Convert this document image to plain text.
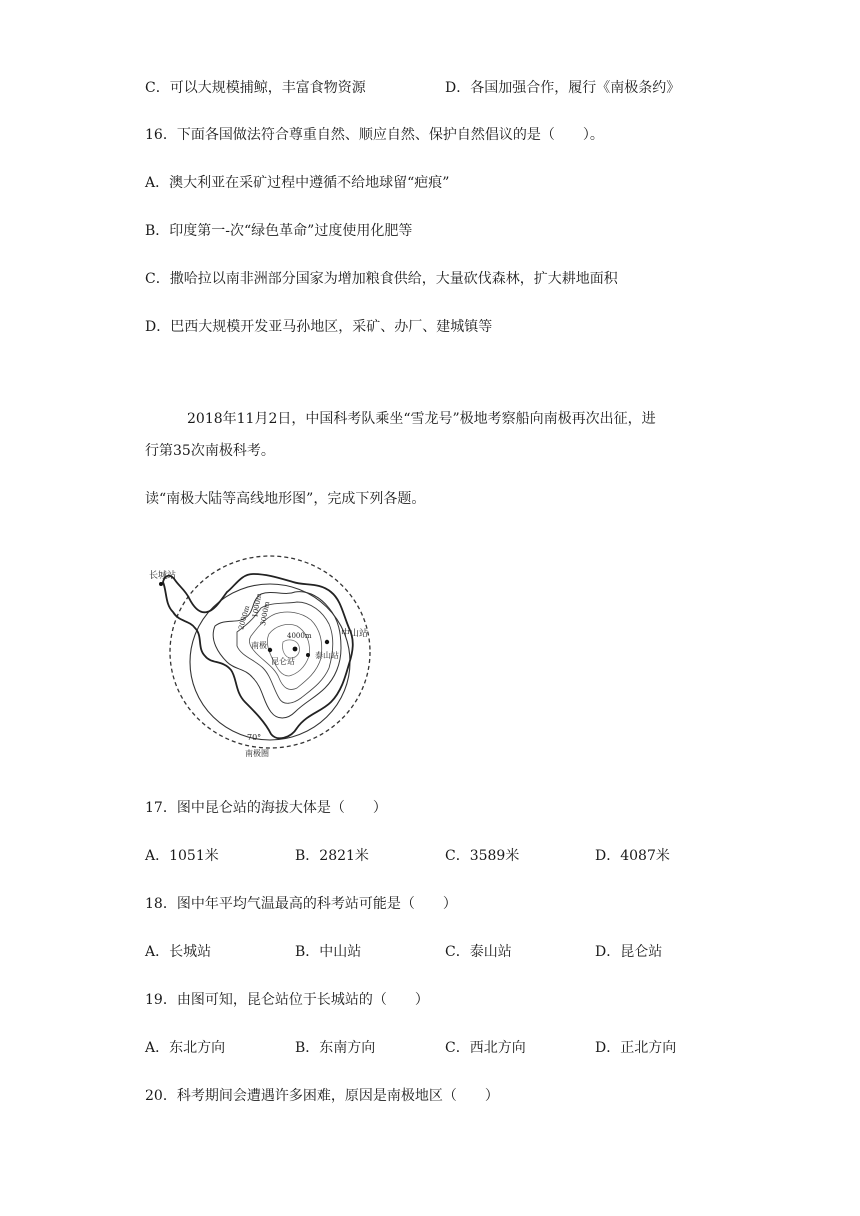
C．可以大规模捕鲸，丰富食物资源	D．各国加强合作，履行《南极条约》
16．下面各国做法符合尊重自然、顺应自然、保护自然倡议的是（　　）。
A．澳大利亚在采矿过程中遵循不给地球留“疤痕”
B．印度第一-次“绿色革命”过度使用化肥等
C．撒哈拉以南非洲部分国家为增加粮食供给，大量砍伐森林，扩大耕地面积
D．巴西大规模开发亚马孙地区，采矿、办厂、建城镇等
2018年11月2日，中国科考队乘坐“雪龙号”极地考察船向南极再次出征，进
行第35次南极科考。
读“南极大陆等高线地形图”，完成下列各题。
长城站
中山站
南极
昆仑站
泰山站
4000m
2000m 1000m
3000m
70°
南极圈
17．图中昆仑站的海拔大体是（　　）
A．1051米	B．2821米	C．3589米	D．4087米
18．图中年平均气温最高的科考站可能是（　　）
A．长城站	B．中山站	C．泰山站	D．昆仑站
19．由图可知，昆仑站位于长城站的（　　）
A．东北方向	B．东南方向	C．西北方向	D．正北方向
20．科考期间会遭遇许多困难，原因是南极地区（　　）
